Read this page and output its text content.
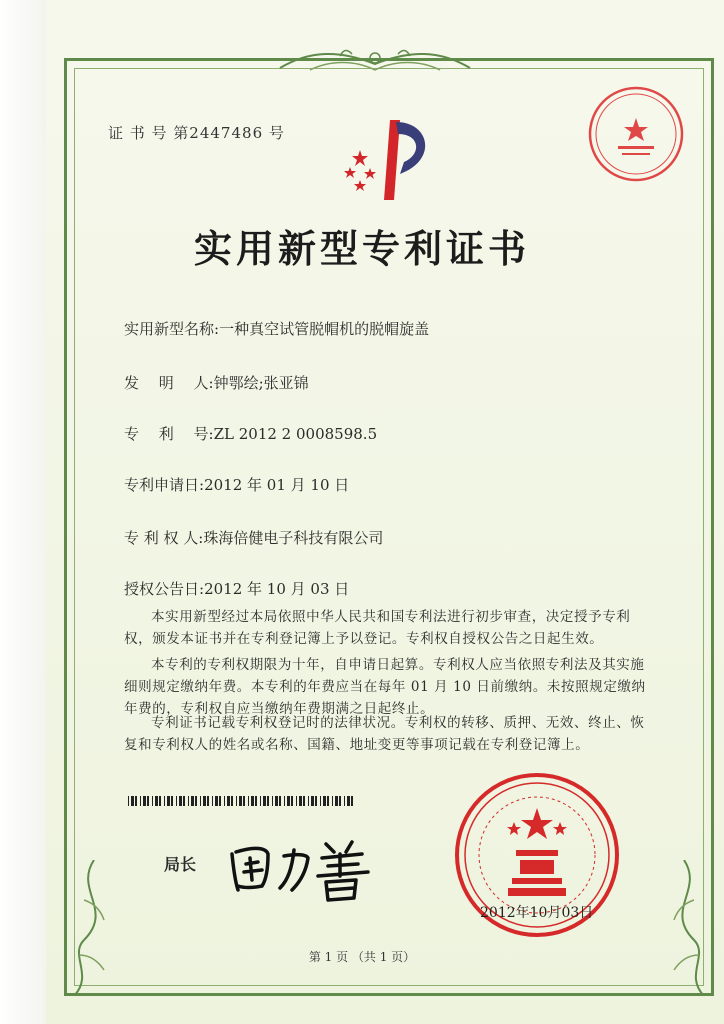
证 书 号 第2447486 号
实用新型专利证书
实用新型名称:一种真空试管脱帽机的脱帽旋盖
发　 明　 人:钟鄂绘;张亚锦
专　 利　 号:ZL 2012 2 0008598.5
专利申请日:2012 年 01 月 10 日
专 利 权 人:珠海倍健电子科技有限公司
授权公告日:2012 年 10 月 03 日
本实用新型经过本局依照中华人民共和国专利法进行初步审查，决定授予专利权，颁发本证书并在专利登记簿上予以登记。专利权自授权公告之日起生效。
本专利的专利权期限为十年，自申请日起算。专利权人应当依照专利法及其实施细则规定缴纳年费。本专利的年费应当在每年 01 月 10 日前缴纳。未按照规定缴纳年费的，专利权自应当缴纳年费期满之日起终止。
专利证书记载专利权登记时的法律状况。专利权的转移、质押、无效、终止、恢复和专利权人的姓名或名称、国籍、地址变更等事项记载在专利登记簿上。
局长
2012年10月03日
第 1 页 （共 1 页）
